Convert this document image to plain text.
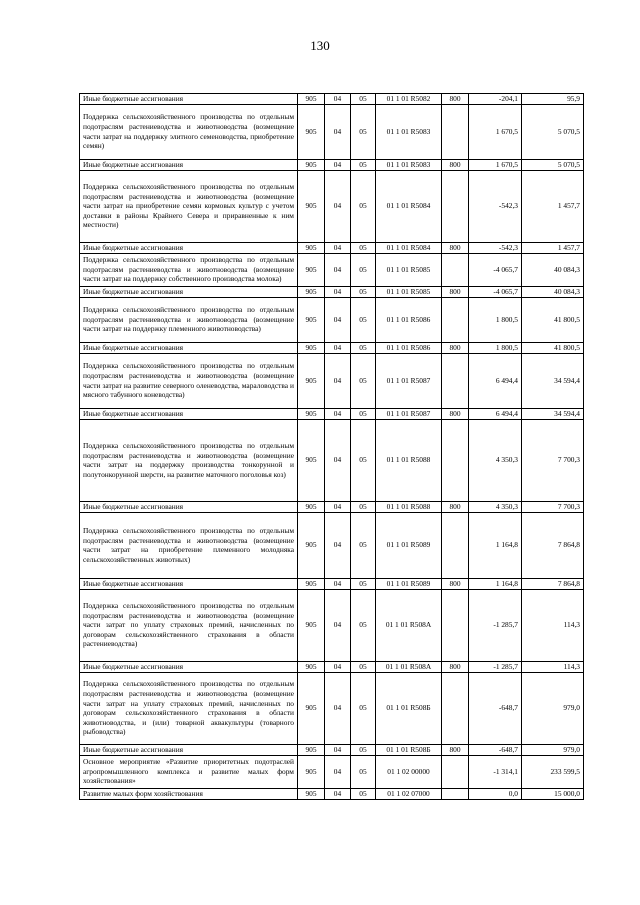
130
Иные бюджетные ассигнования	905	04	05	01 1 01 R5082	800	-204,1	95,9
Поддержка сельскохозяйственного производства по отдельным подотраслям растениеводства и животноводства (возмещение части затрат на поддержку элитного семеноводства, приобретение семян)	905	04	05	01 1 01 R5083		1 670,5	5 070,5
Иные бюджетные ассигнования	905	04	05	01 1 01 R5083	800	1 670,5	5 070,5
Поддержка сельскохозяйственного производства по отдельным подотраслям растениеводства и животноводства (возмещение части затрат на приобретение семян кормовых культур с учетом доставки в районы Крайнего Севера и приравненные к ним местности)	905	04	05	01 1 01 R5084		-542,3	1 457,7
Иные бюджетные ассигнования	905	04	05	01 1 01 R5084	800	-542,3	1 457,7
Поддержка сельскохозяйственного производства по отдельным подотраслям растениеводства и животноводства (возмещение части затрат на поддержку собственного производства молока)	905	04	05	01 1 01 R5085		-4 065,7	40 084,3
Иные бюджетные ассигнования	905	04	05	01 1 01 R5085	800	-4 065,7	40 084,3
Поддержка сельскохозяйственного производства по отдельным подотраслям растениеводства и животноводства (возмещение части затрат на поддержку племенного животноводства)	905	04	05	01 1 01 R5086		1 800,5	41 800,5
Иные бюджетные ассигнования	905	04	05	01 1 01 R5086	800	1 800,5	41 800,5
Поддержка сельскохозяйственного производства по отдельным подотраслям растениеводства и животноводства (возмещение части затрат на развитие северного оленеводства, мараловодства и мясного табунного коневодства)	905	04	05	01 1 01 R5087		6 494,4	34 594,4
Иные бюджетные ассигнования	905	04	05	01 1 01 R5087	800	6 494,4	34 594,4
Поддержка сельскохозяйственного производства по отдельным подотраслям растениеводства и животноводства (возмещение части затрат на поддержку производства тонкорунной и полутонкорунной шерсти, на развитие маточного поголовья коз)	905	04	05	01 1 01 R5088		4 350,3	7 700,3
Иные бюджетные ассигнования	905	04	05	01 1 01 R5088	800	4 350,3	7 700,3
Поддержка сельскохозяйственного производства по отдельным подотраслям растениеводства и животноводства (возмещение части затрат на приобретение племенного молодняка сельскохозяйственных животных)	905	04	05	01 1 01 R5089		1 164,8	7 864,8
Иные бюджетные ассигнования	905	04	05	01 1 01 R5089	800	1 164,8	7 864,8
Поддержка сельскохозяйственного производства по отдельным подотраслям растениеводства и животноводства (возмещение части затрат по уплату страховых премий, начисленных по договорам сельскохозяйственного страхования в области растениеводства)	905	04	05	01 1 01 R508А		-1 285,7	114,3
Иные бюджетные ассигнования	905	04	05	01 1 01 R508А	800	-1 285,7	114,3
Поддержка сельскохозяйственного производства по отдельным подотраслям растениеводства и животноводства (возмещение части затрат на уплату страховых премий, начисленных по договорам сельскохозяйственного страхования в области животноводства, и (или) товарной аквакультуры (товарного рыбоводства)	905	04	05	01 1 01 R508Б		-648,7	979,0
Иные бюджетные ассигнования	905	04	05	01 1 01 R508Б	800	-648,7	979,0
Основное мероприятие «Развитие приоритетных подотраслей агропромышленного комплекса и развитие малых форм хозяйствования»	905	04	05	01 1 02 00000		-1 314,1	233 599,5
Развитие малых форм хозяйствования	905	04	05	01 1 02 07000		0,0	15 000,0
